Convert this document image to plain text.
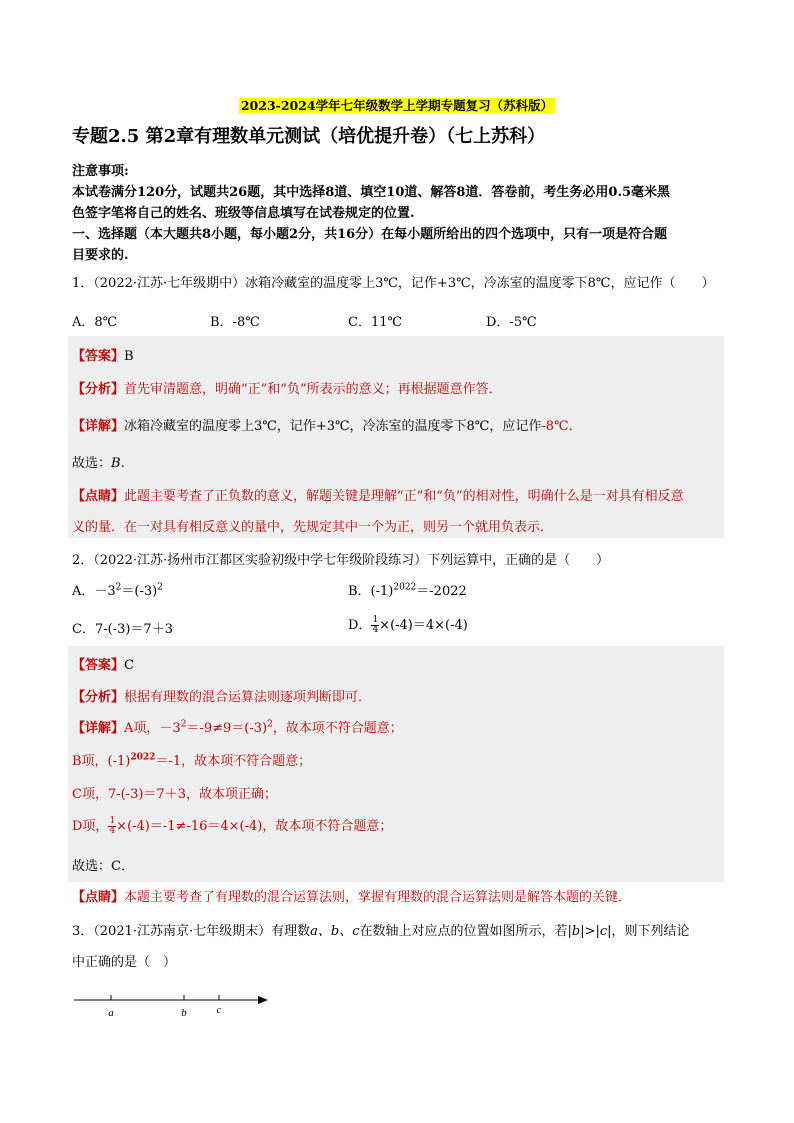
2023-2024学年七年级数学上学期专题复习（苏科版）
专题2.5 第2章有理数单元测试（培优提升卷）（七上苏科）
注意事项:
本试卷满分120分，试题共26题，其中选择8道、填空10道、解答8道．答卷前，考生务必用0.5毫米黑
色签字笔将自己的姓名、班级等信息填写在试卷规定的位置.
一、选择题（本大题共8小题，每小题2分，共16分）在每小题所给出的四个选项中，只有一项是符合题
目要求的.
1．（2022·江苏·七年级期中）冰箱冷藏室的温度零上3℃，记作+3℃，冷冻室的温度零下8℃，应记作（　　）
A．8℃	B．-8℃	C．11℃	D．-5℃
【答案】B
【分析】首先审清题意，明确“正”和“负”所表示的意义；再根据题意作答．
【详解】冰箱冷藏室的温度零上3℃，记作+3℃，冷冻室的温度零下8℃，应记作-8℃．
故选：B.
【点睛】此题主要考查了正负数的意义，解题关键是理解“正”和“负”的相对性，明确什么是一对具有相反意
义的量．在一对具有相反意义的量中，先规定其中一个为正，则另一个就用负表示．
2．（2022·江苏·扬州市江都区实验初级中学七年级阶段练习）下列运算中，正确的是（　　）
A．$-3^2=(-3)^2$	B．$(-1)^{2022}=-2022$
C．7-(-3)＝7＋3	D． $\frac{1}{4} \times(-4)=4\times(-4)$
【答案】C
【分析】根据有理数的混合运算法则逐项判断即可．
【详解】A项，$-3^2=-9\ne 9=(-3)^2$，故本项不符合题意；
B项，$(-1)^{2022}=-1$，故本项不符合题意；
C项，7-(-3)＝7＋3，故本项正确；
D项， $\frac{1}{4} \times(-4)=-1\ne-16=4\times(-4)$，故本项不符合题意；
故选：C．
【点睛】本题主要考查了有理数的混合运算法则，掌握有理数的混合运算法则是解答本题的关键．
3．（2021·江苏南京·七年级期末）有理数a、b、c在数轴上对应点的位置如图所示，若|b|>|c|，则下列结论
中正确的是（　）
a	b	c
